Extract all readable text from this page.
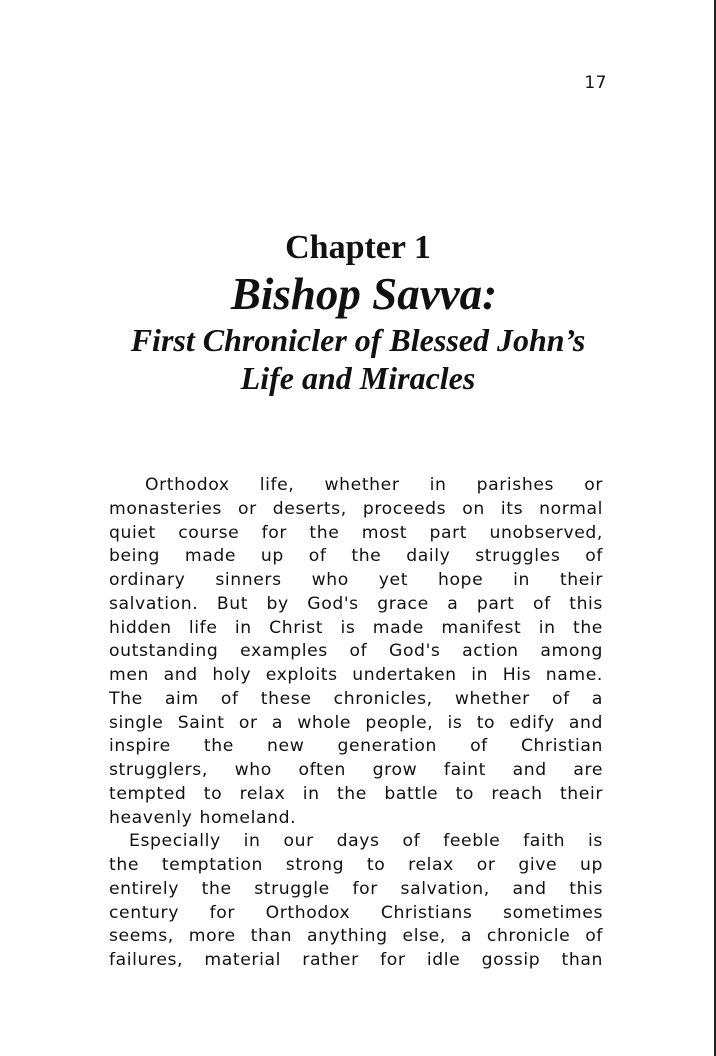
17
Chapter 1
Bishop Savva:
First Chronicler of Blessed John’s
Life and Miracles
Orthodox life, whether in parishes or
monasteries or deserts, proceeds on its normal
quiet course for the most part unobserved,
being made up of the daily struggles of
ordinary sinners who yet hope in their
salvation. But by God's grace a part of this
hidden life in Christ is made manifest in the
outstanding examples of God's action among
men and holy exploits undertaken in His name.
The aim of these chronicles, whether of a
single Saint or a whole people, is to edify and
inspire the new generation of Christian
strugglers, who often grow faint and are
tempted to relax in the battle to reach their
heavenly homeland.
Especially in our days of feeble faith is
the temptation strong to relax or give up
entirely the struggle for salvation, and this
century for Orthodox Christians sometimes
seems, more than anything else, a chronicle of
failures, material rather for idle gossip than
